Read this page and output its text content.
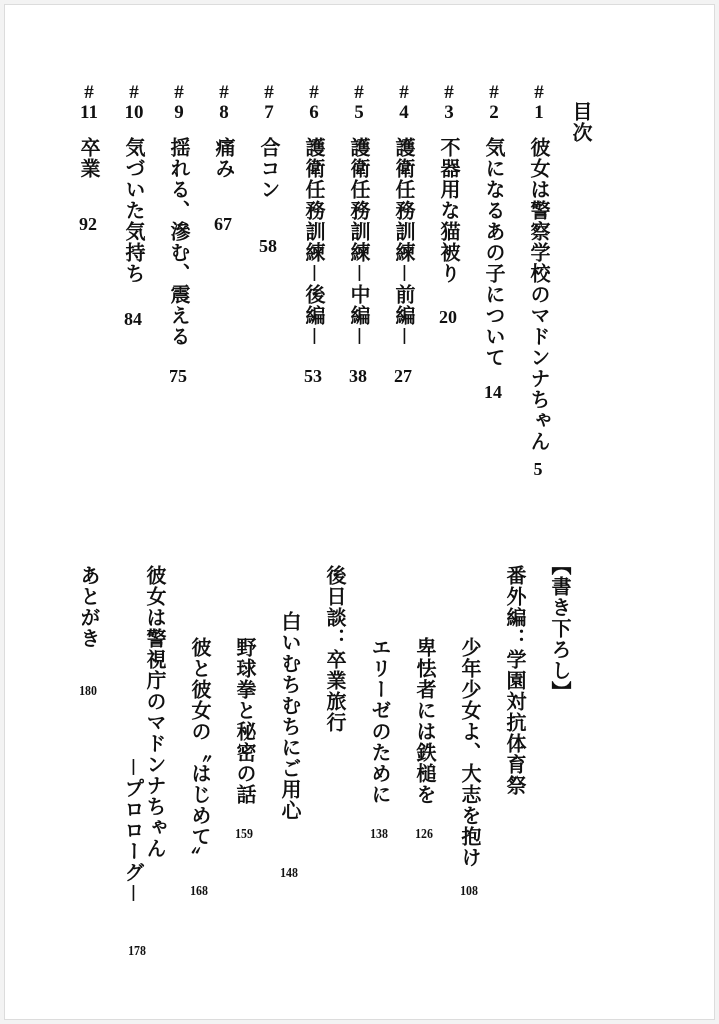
目次
#
1
彼女は警察学校のマドンナちゃん
5
#
2
気になるあの子について
14
#
3
不器用な猫被り
20
#
4
護衛任務訓練－前編－
27
#
5
護衛任務訓練－中編－
38
#
6
護衛任務訓練－後編－
53
#
7
合コン
58
#
8
痛み
67
#
9
揺れる、滲む、震える
75
#
10
気づいた気持ち
84
#
11
卒業
92
【書き下ろし】
番外編：学園対抗体育祭
少年少女よ、大志を抱け
108
卑怯者には鉄槌を
126
エリーゼのために
138
後日談：卒業旅行
白いむちむちにご用心
148
野球拳と秘密の話
159
彼と彼女の〝はじめて〟
168
彼女は警視庁のマドンナちゃん
－プロローグ－
178
あとがき
180
